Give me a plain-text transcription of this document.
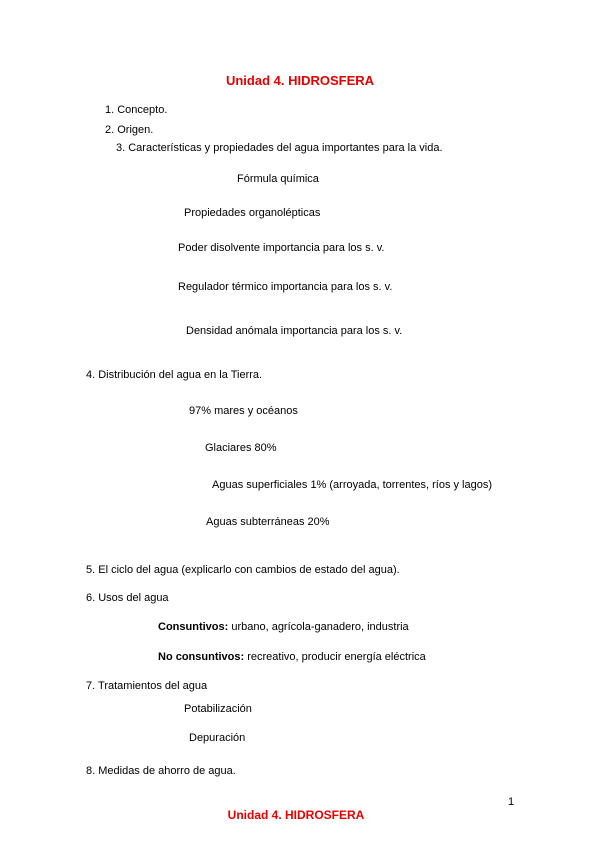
Unidad 4. HIDROSFERA
1. Concepto.
2. Origen.
3. Características y propiedades del agua importantes para la vida.
Fórmula química
Propiedades organolépticas
Poder disolvente importancia para los s. v.
Regulador térmico importancia para los s. v.
Densidad anómala importancia para los s. v.
4. Distribución del agua en la Tierra.
97% mares y océanos
Glaciares 80%
Aguas superficiales 1% (arroyada, torrentes, ríos y lagos)
Aguas subterráneas 20%
5. El ciclo del agua (explicarlo con cambios de estado del agua).
6. Usos del agua
Consuntivos: urbano, agrícola-ganadero, industria
No consuntivos: recreativo, producir energía eléctrica
7. Tratamientos del agua
Potabilización
Depuración
8. Medidas de ahorro de agua.
1
Unidad 4. HIDROSFERA
